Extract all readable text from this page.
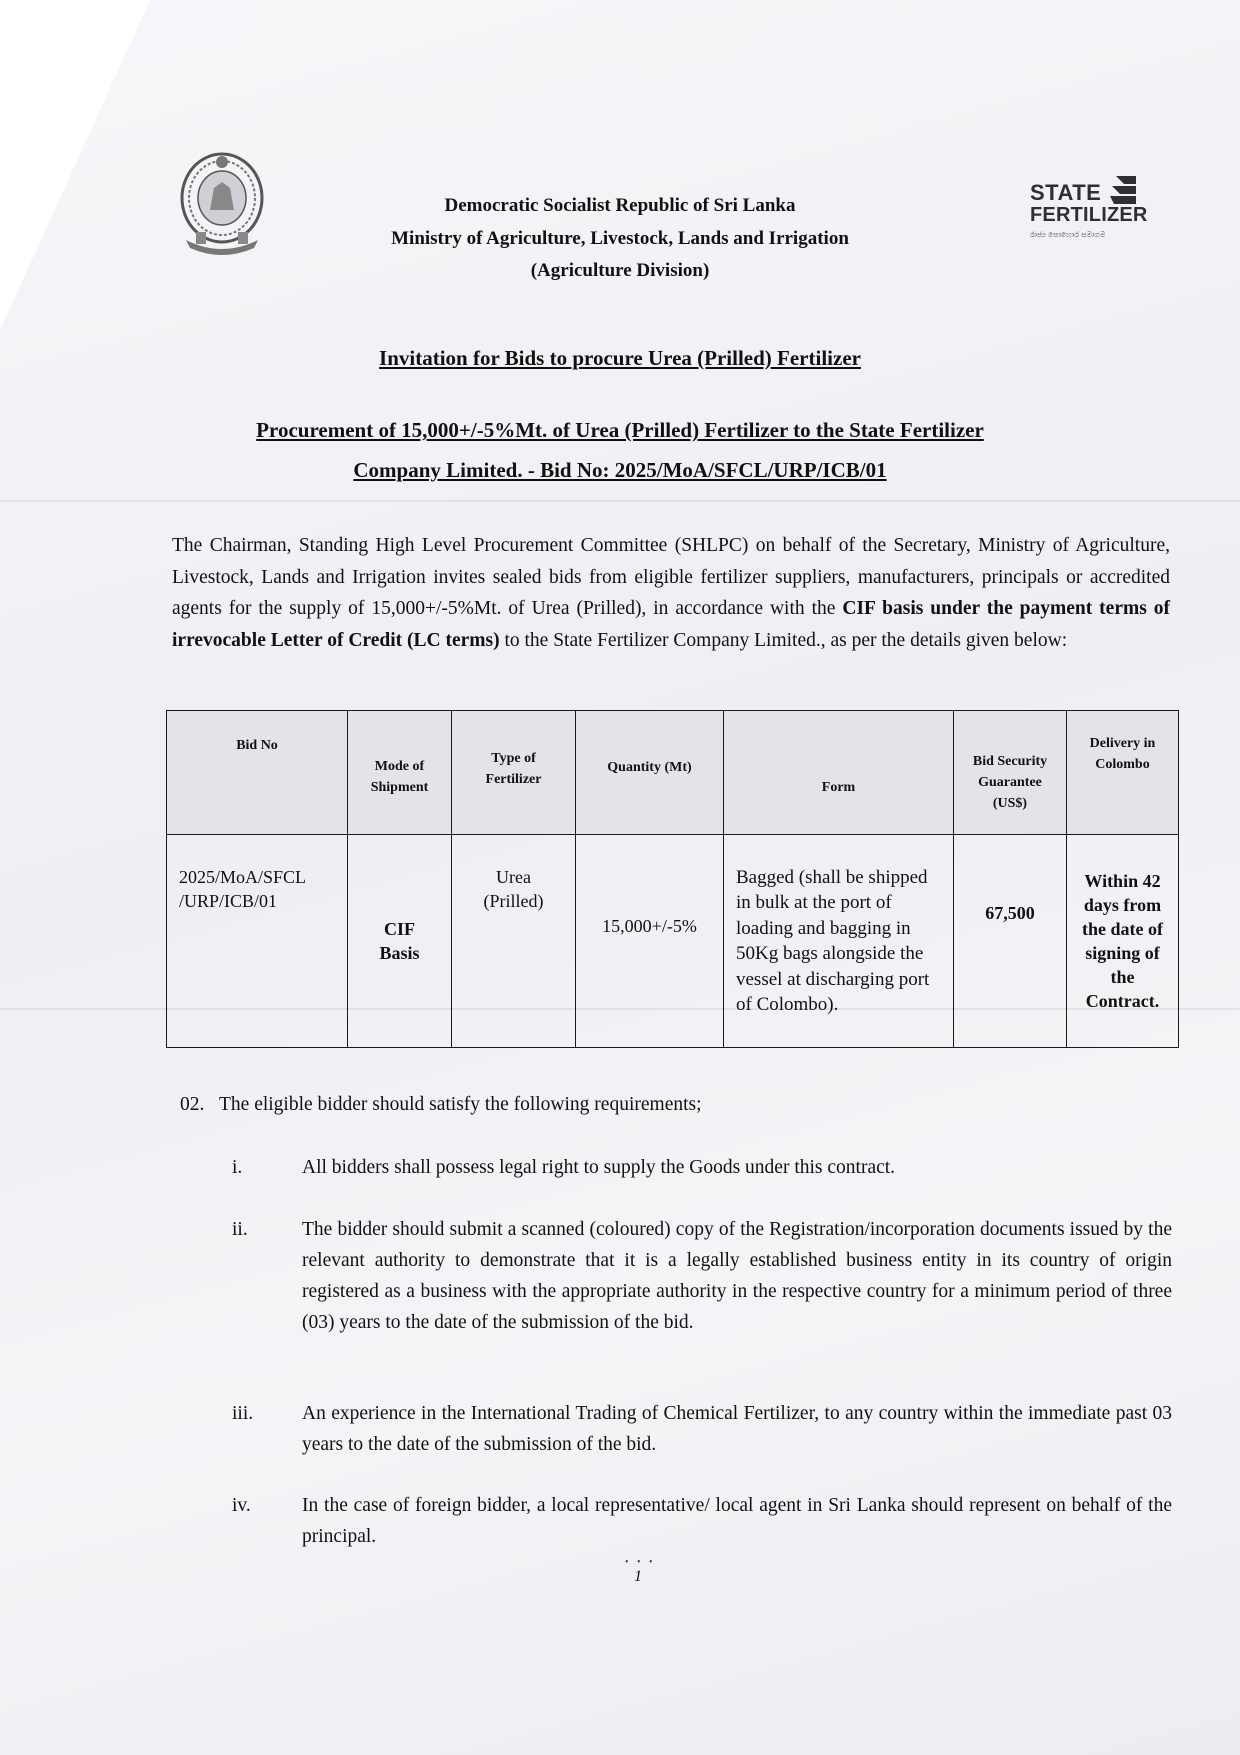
STATE
FERTILIZER
රාජ්‍ය පොහොර සමාගම
Democratic Socialist Republic of Sri Lanka
Ministry of Agriculture, Livestock, Lands and Irrigation
(Agriculture Division)
Invitation for Bids to procure Urea (Prilled) Fertilizer
Procurement of 15,000+/-5%Mt. of Urea (Prilled) Fertilizer to the State Fertilizer
Company Limited. - Bid No: 2025/MoA/SFCL/URP/ICB/01
The Chairman, Standing High Level Procurement Committee (SHLPC) on behalf of the Secretary, Ministry of Agriculture, Livestock, Lands and Irrigation invites sealed bids from eligible fertilizer suppliers, manufacturers, principals or accredited agents for the supply of 15,000+/-5%Mt. of Urea (Prilled), in accordance with the CIF basis under the payment terms of irrevocable Letter of Credit (LC terms) to the State Fertilizer Company Limited., as per the details given below:
Bid No	Mode of Shipment	Type of Fertilizer	Quantity (Mt)	Form	Bid Security Guarantee (US$)	Delivery in Colombo
2025/MoA/SFCL /URP/ICB/01	CIF Basis	Urea (Prilled)	15,000+/-5%	Bagged (shall be shipped in bulk at the port of loading and bagging in 50Kg bags alongside the vessel at discharging port of Colombo).	67,500	Within 42 days from the date of signing of the Contract.
02. The eligible bidder should satisfy the following requirements;
i.	All bidders shall possess legal right to supply the Goods under this contract.
ii.	The bidder should submit a scanned (coloured) copy of the Registration/incorporation documents issued by the relevant authority to demonstrate that it is a legally established business entity in its country of origin registered as a business with the appropriate authority in the respective country for a minimum period of three (03) years to the date of the submission of the bid.
iii.	An experience in the International Trading of Chemical Fertilizer, to any country within the immediate past 03 years to the date of the submission of the bid.
iv.	In the case of foreign bidder, a local representative/ local agent in Sri Lanka should represent on behalf of the principal.
• • •
1
